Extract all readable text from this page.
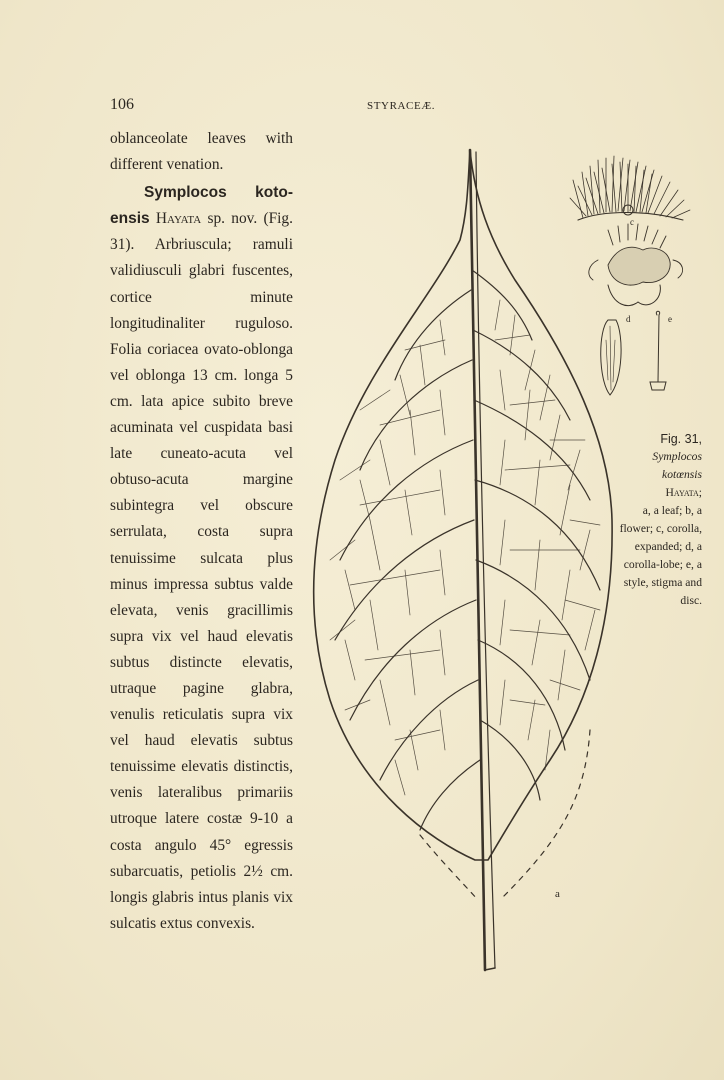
106	STYRACEÆ.

oblanceolate leaves with different venation.

Symplocos koto-ensis Hayata sp. nov. (Fig. 31). Arbriuscula; ramuli validiusculi glabri fuscentes, cortice minute longitudinaliter ruguloso. Folia coriacea ovato-oblonga vel oblonga 13 cm. longa 5 cm. lata apice subito breve acuminata vel cuspidata basi late cuneato-acuta vel obtuso-acuta margine subintegra vel obscure serrulata, costa supra tenuissime sulcata plus minus impressa subtus valde elevata, venis gracillimis supra vix vel haud elevatis subtus distincte elevatis, utraque pagine glabra, venulis reticulatis supra vix vel haud elevatis subtus tenuissime elevatis distinctis, venis lateralibus primariis utroque latere costæ 9-10 a costa angulo 45° egressis subarcuatis, petiolis 2½ cm. longis glabris intus planis vix sulcatis extus convexis.

c
d	e
a

Fig. 31,

Symplocos kotœnsis

Hayata;

a, a leaf; b, a flower; c, corolla, expanded; d, a corolla-lobe; e, a style, stigma and disc.
